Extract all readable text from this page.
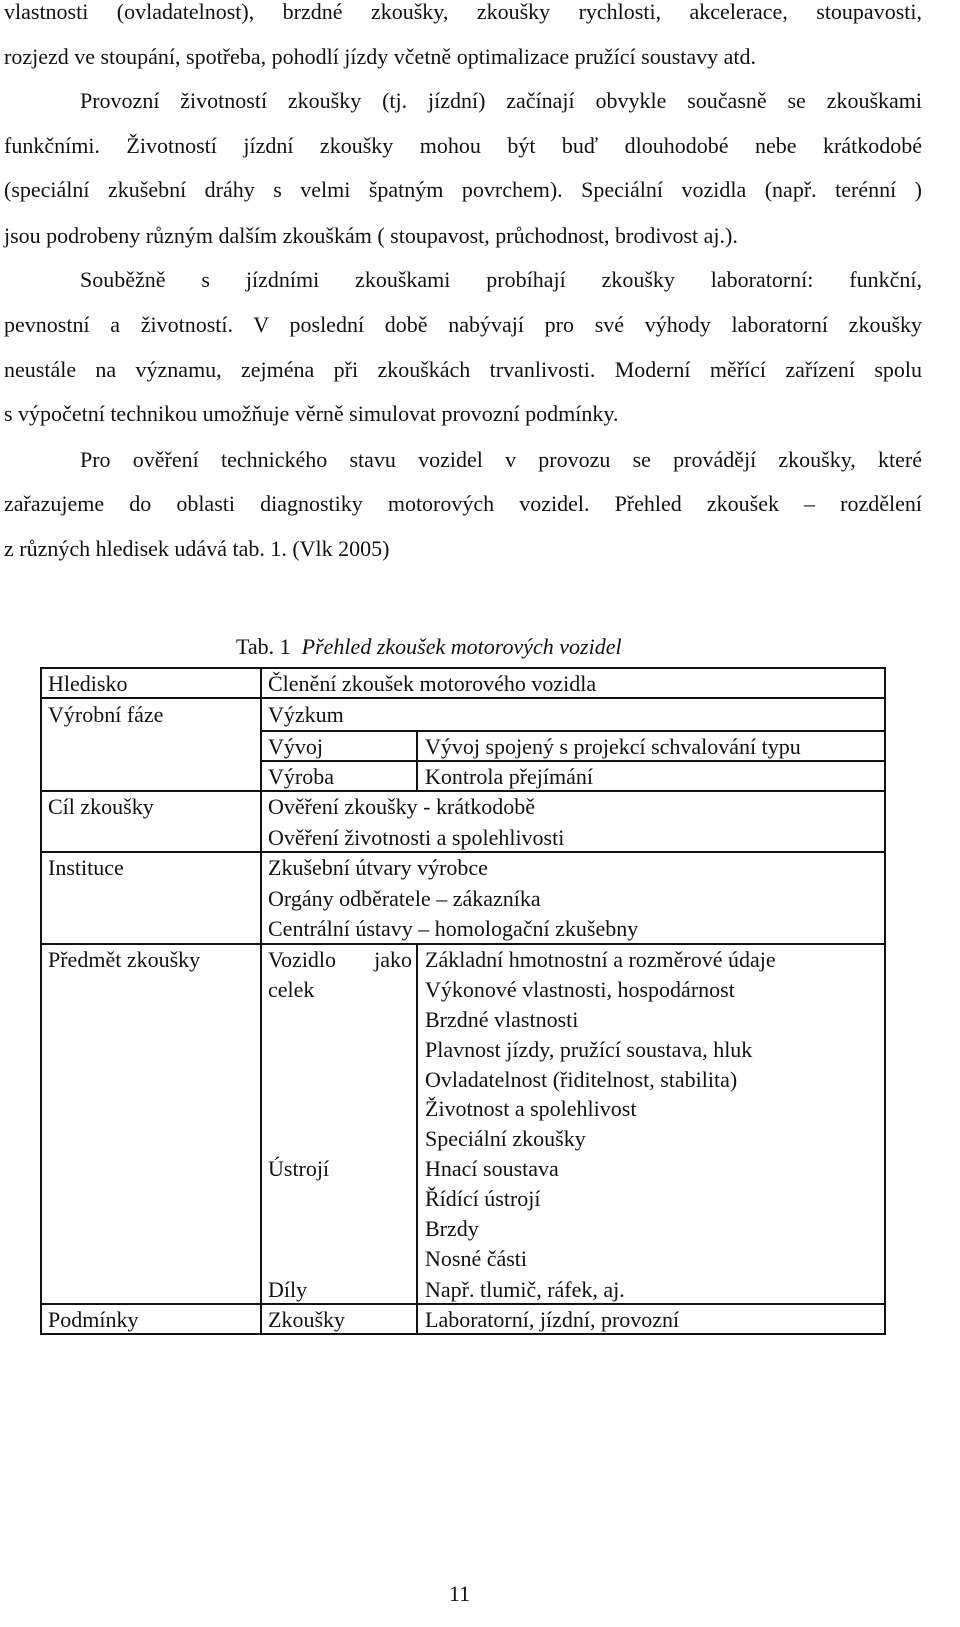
vlastnosti (ovladatelnost), brzdné zkoušky, zkoušky rychlosti, akcelerace, stoupavosti,
rozjezd ve stoupání, spotřeba, pohodlí jízdy včetně optimalizace pružící soustavy atd.
Provozní životností zkoušky (tj. jízdní) začínají obvykle současně se zkouškami
funkčními. Životností jízdní zkoušky mohou být buď dlouhodobé nebe krátkodobé
(speciální zkušební dráhy s velmi špatným povrchem). Speciální vozidla (např. terénní )
jsou podrobeny různým dalším zkouškám ( stoupavost, průchodnost, brodivost aj.).
Souběžně s jízdními zkouškami probíhají zkoušky laboratorní: funkční,
pevnostní a životností. V poslední době nabývají pro své výhody laboratorní zkoušky
neustále na významu, zejména při zkouškách trvanlivosti. Moderní měřící zařízení spolu
s výpočetní technikou umožňuje věrně simulovat provozní podmínky.
Pro ověření technického stavu vozidel v provozu se provádějí zkoušky, které
zařazujeme do oblasti diagnostiky motorových vozidel. Přehled zkoušek – rozdělení
z různých hledisek udává tab. 1. (Vlk 2005)
Tab. 1 Přehled zkoušek motorových vozidel
Hledisko
Výrobní fáze
Cíl zkoušky
Instituce
Předmět zkoušky
Podmínky
Členění zkoušek motorového vozidla
Výzkum
Vývoj
Výroba
Ověření zkoušky - krátkodobě
Ověření životnosti a spolehlivosti
Zkušební útvary výrobce
Orgány odběratele – zákazníka
Centrální ústavy – homologační zkušebny
Vozidlo jako
celek
Ústrojí
Díly
Zkoušky
Vývoj spojený s projekcí schvalování typu
Kontrola přejímání
Základní hmotnostní a rozměrové údaje
Výkonové vlastnosti, hospodárnost
Brzdné vlastnosti
Plavnost jízdy, pružící soustava, hluk
Ovladatelnost (řiditelnost, stabilita)
Životnost a spolehlivost
Speciální zkoušky
Hnací soustava
Řídící ústrojí
Brzdy
Nosné části
Např. tlumič, ráfek, aj.
Laboratorní, jízdní, provozní
11
